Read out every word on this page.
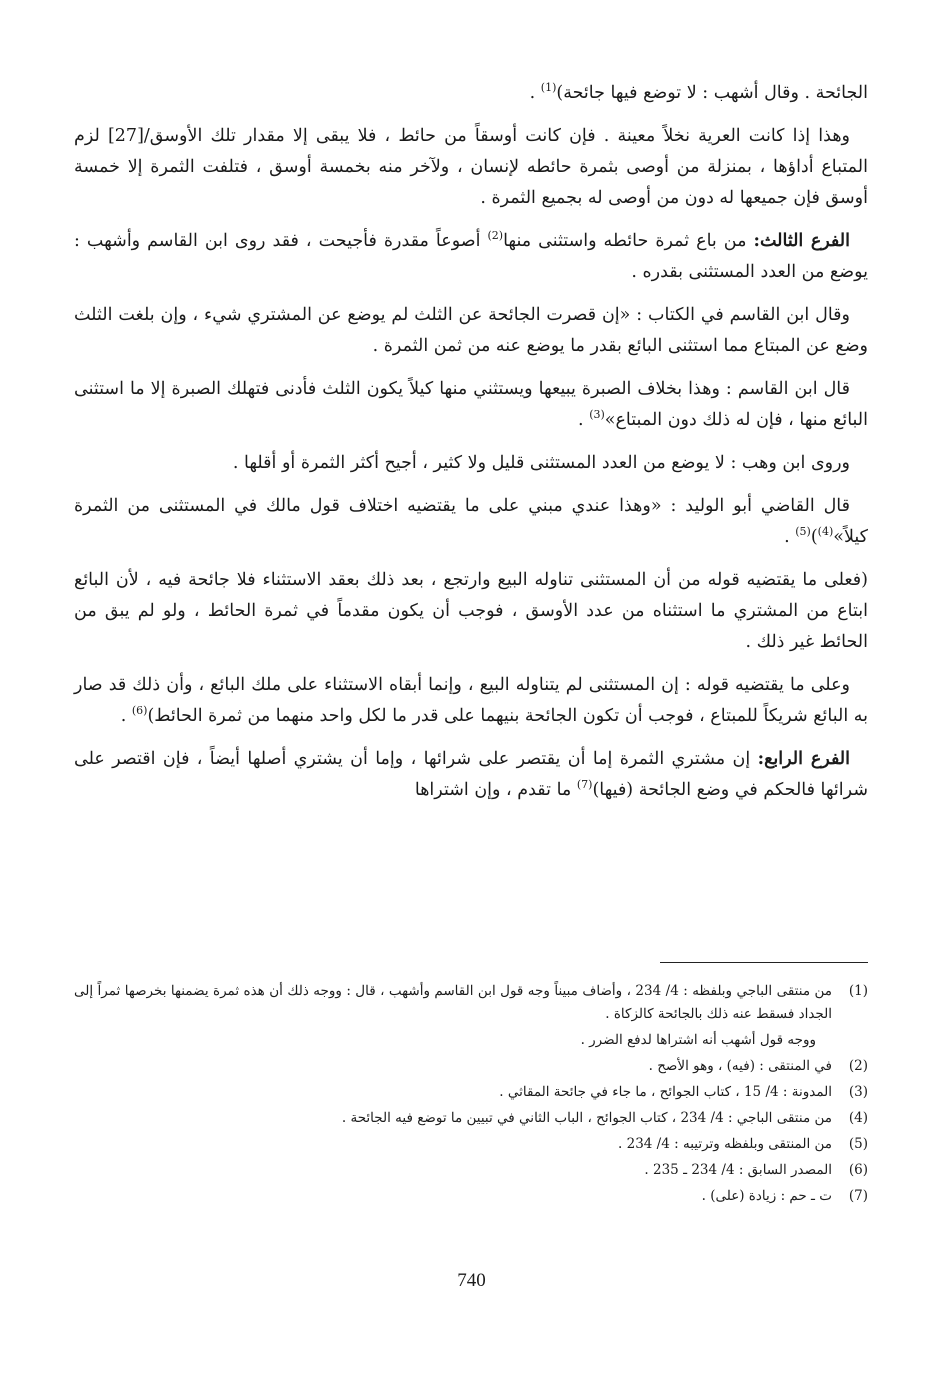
الجائحة . وقال أشهب : لا توضع فيها جائحة)$^{(1)}$ .

وهذا إذا كانت العرية نخلاً معينة . فإن كانت أوسقاً من حائط ، فلا يبقى إلا مقدار تلك الأوسق/[27] لزم المتباع أداؤها ، بمنزلة من أوصى بثمرة حائطه لإنسان ، ولآخر منه بخمسة أوسق ، فتلفت الثمرة إلا خمسة أوسق فإن جميعها له دون من أوصى له بجميع الثمرة .

الفرع الثالث: من باع ثمرة حائطه واستثنى منها$^{(2)}$ أصوعاً مقدرة فأجيحت ، فقد روى ابن القاسم وأشهب : يوضع من العدد المستثنى بقدره .

وقال ابن القاسم في الكتاب : «إن قصرت الجائحة عن الثلث لم يوضع عن المشتري شيء ، وإن بلغت الثلث وضع عن المبتاع مما استثنى البائع بقدر ما يوضع عنه من ثمن الثمرة .

قال ابن القاسم : وهذا بخلاف الصبرة يبيعها ويستثني منها كيلاً يكون الثلث فأدنى فتهلك الصبرة إلا ما استثنى البائع منها ، فإن له ذلك دون المبتاع»$^{(3)}$ .

وروى ابن وهب : لا يوضع من العدد المستثنى قليل ولا كثير ، أجيح أكثر الثمرة أو أقلها .

قال القاضي أبو الوليد : «وهذا عندي مبني على ما يقتضيه اختلاف قول مالك في المستثنى من الثمرة كيلاً»$^{(4)}$)$^{(5)}$ .

(فعلى ما يقتضيه قوله من أن المستثنى تناوله البيع وارتجع ، بعد ذلك بعقد الاستثناء فلا جائحة فيه ، لأن البائع ابتاع من المشتري ما استثناه من عدد الأوسق ، فوجب أن يكون مقدماً في ثمرة الحائط ، ولو لم يبق من الحائط غير ذلك .

وعلى ما يقتضيه قوله : إن المستثنى لم يتناوله البيع ، وإنما أبقاه الاستثناء على ملك البائع ، وأن ذلك قد صار به البائع شريكاً للمبتاع ، فوجب أن تكون الجائحة بنيهما على قدر ما لكل واحد منهما من ثمرة الحائط)$^{(6)}$ .

الفرع الرابع: إن مشتري الثمرة إما أن يقتصر على شرائها ، وإما أن يشتري أصلها أيضاً ، فإن اقتصر على شرائها فالحكم في وضع الجائحة (فيها)$^{(7)}$ ما تقدم ، وإن اشتراها

(1)
من منتقى الباجي وبلفظه : 4/ 234 ، وأضاف مبيناً وجه قول ابن القاسم وأشهب ، قال : ووجه ذلك أن هذه ثمرة يضمنها بخرصها ثمراً إلى الجداد فسقط عنه ذلك بالجائحة كالزكاة .
ووجه قول أشهب أنه اشتراها لدفع الضرر .
(2)
في المنتقى : (فيه) ، وهو الأصح .
(3)
المدونة : 4/ 15 ، كتاب الجوائح ، ما جاء في جائحة المقاثي .
(4)
من منتقى الباجي : 4/ 234 ، كتاب الجوائح ، الباب الثاني في تبيين ما توضع فيه الجائحة .
(5)
من المنتقى وبلفظه وترتيبه : 4/ 234 .
(6)
المصدر السابق : 4/ 234 ـ 235 .
(7)
ت ـ حم : زيادة (على) .
740
